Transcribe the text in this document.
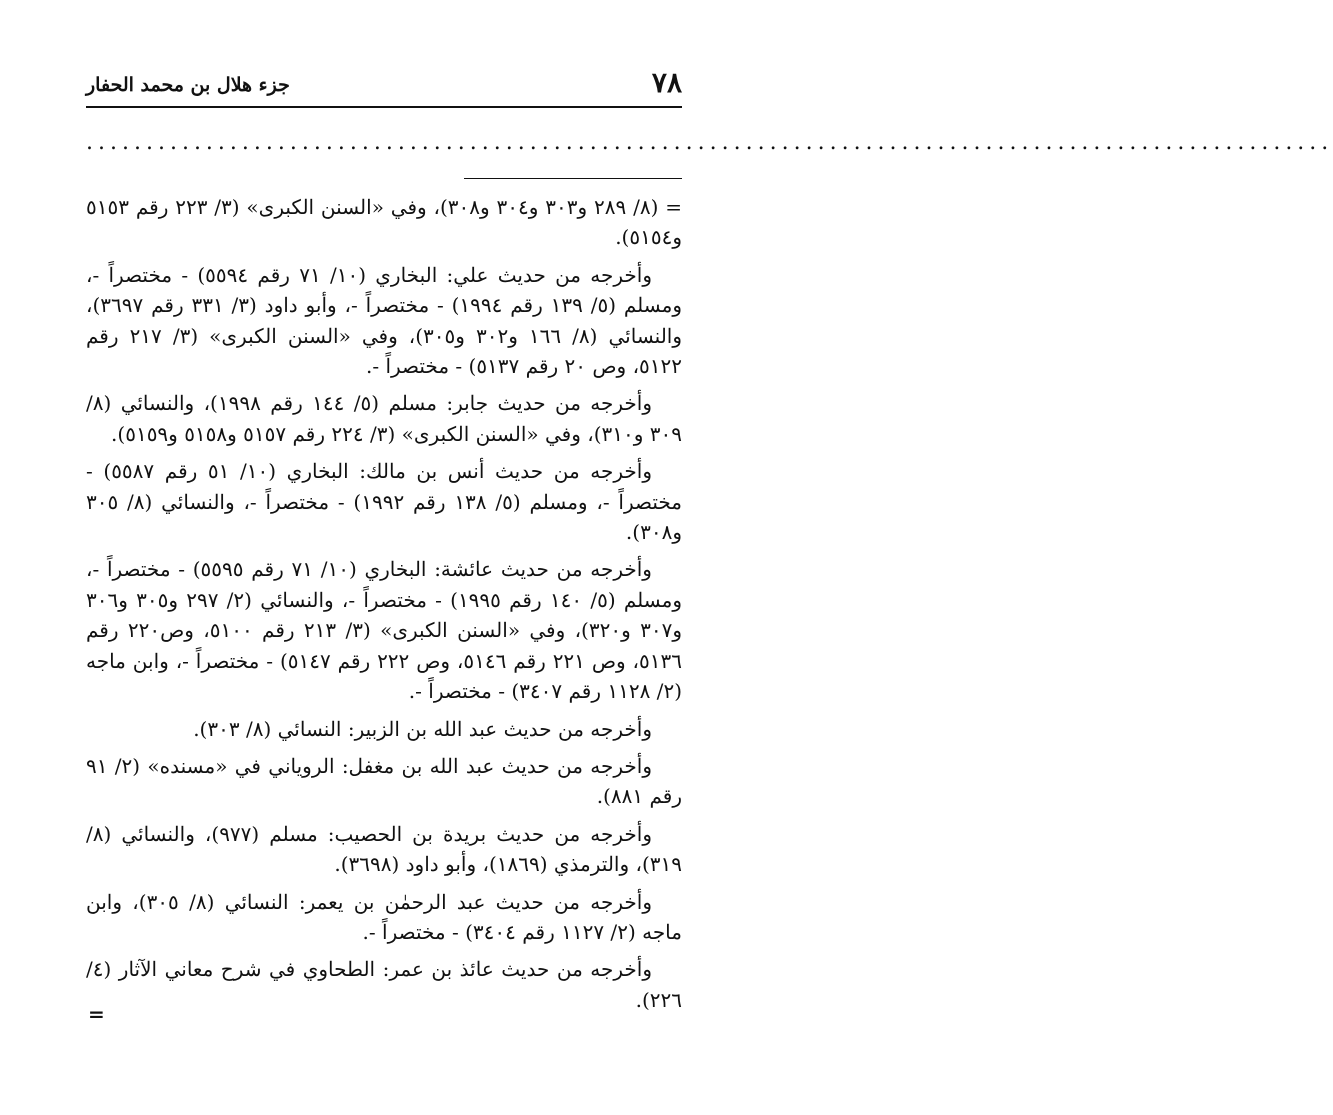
٧٨
جزء هلال بن محمد الحفار
........................................................................................................

= (٨/ ٢٨٩ و٣٠٣ و٣٠٤ و٣٠٨)، وفي «السنن الكبرى» (٣/ ٢٢٣ رقم ٥١٥٣ و٥١٥٤).

وأخرجه من حديث علي: البخاري (١٠/ ٧١ رقم ٥٥٩٤) - مختصراً -، ومسلم (٥/ ١٣٩ رقم ١٩٩٤) - مختصراً -، وأبو داود (٣/ ٣٣١ رقم ٣٦٩٧)، والنسائي (٨/ ١٦٦ و٣٠٢ و٣٠٥)، وفي «السنن الكبرى» (٣/ ٢١٧ رقم ٥١٢٢، وص ٢٠ رقم ٥١٣٧) - مختصراً -.

وأخرجه من حديث جابر: مسلم (٥/ ١٤٤ رقم ١٩٩٨)، والنسائي (٨/ ٣٠٩ و٣١٠)، وفي «السنن الكبرى» (٣/ ٢٢٤ رقم ٥١٥٧ و٥١٥٨ و٥١٥٩).

وأخرجه من حديث أنس بن مالك: البخاري (١٠/ ٥١ رقم ٥٥٨٧) - مختصراً -، ومسلم (٥/ ١٣٨ رقم ١٩٩٢) - مختصراً -، والنسائي (٨/ ٣٠٥ و٣٠٨).

وأخرجه من حديث عائشة: البخاري (١٠/ ٧١ رقم ٥٥٩٥) - مختصراً -، ومسلم (٥/ ١٤٠ رقم ١٩٩٥) - مختصراً -، والنسائي (٢/ ٢٩٧ و٣٠٥ و٣٠٦ و٣٠٧ و٣٢٠)، وفي «السنن الكبرى» (٣/ ٢١٣ رقم ٥١٠٠، وص٢٢٠ رقم ٥١٣٦، وص ٢٢١ رقم ٥١٤٦، وص ٢٢٢ رقم ٥١٤٧) - مختصراً -، وابن ماجه (٢/ ١١٢٨ رقم ٣٤٠٧) - مختصراً -.

وأخرجه من حديث عبد الله بن الزبير: النسائي (٨/ ٣٠٣).

وأخرجه من حديث عبد الله بن مغفل: الروياني في «مسنده» (٢/ ٩١ رقم ٨٨١).

وأخرجه من حديث بريدة بن الحصيب: مسلم (٩٧٧)، والنسائي (٨/ ٣١٩)، والترمذي (١٨٦٩)، وأبو داود (٣٦٩٨).

وأخرجه من حديث عبد الرحمٰن بن يعمر: النسائي (٨/ ٣٠٥)، وابن ماجه (٢/ ١١٢٧ رقم ٣٤٠٤) - مختصراً -.

وأخرجه من حديث عائذ بن عمر: الطحاوي في شرح معاني الآثار (٤/ ٢٢٦).

=
